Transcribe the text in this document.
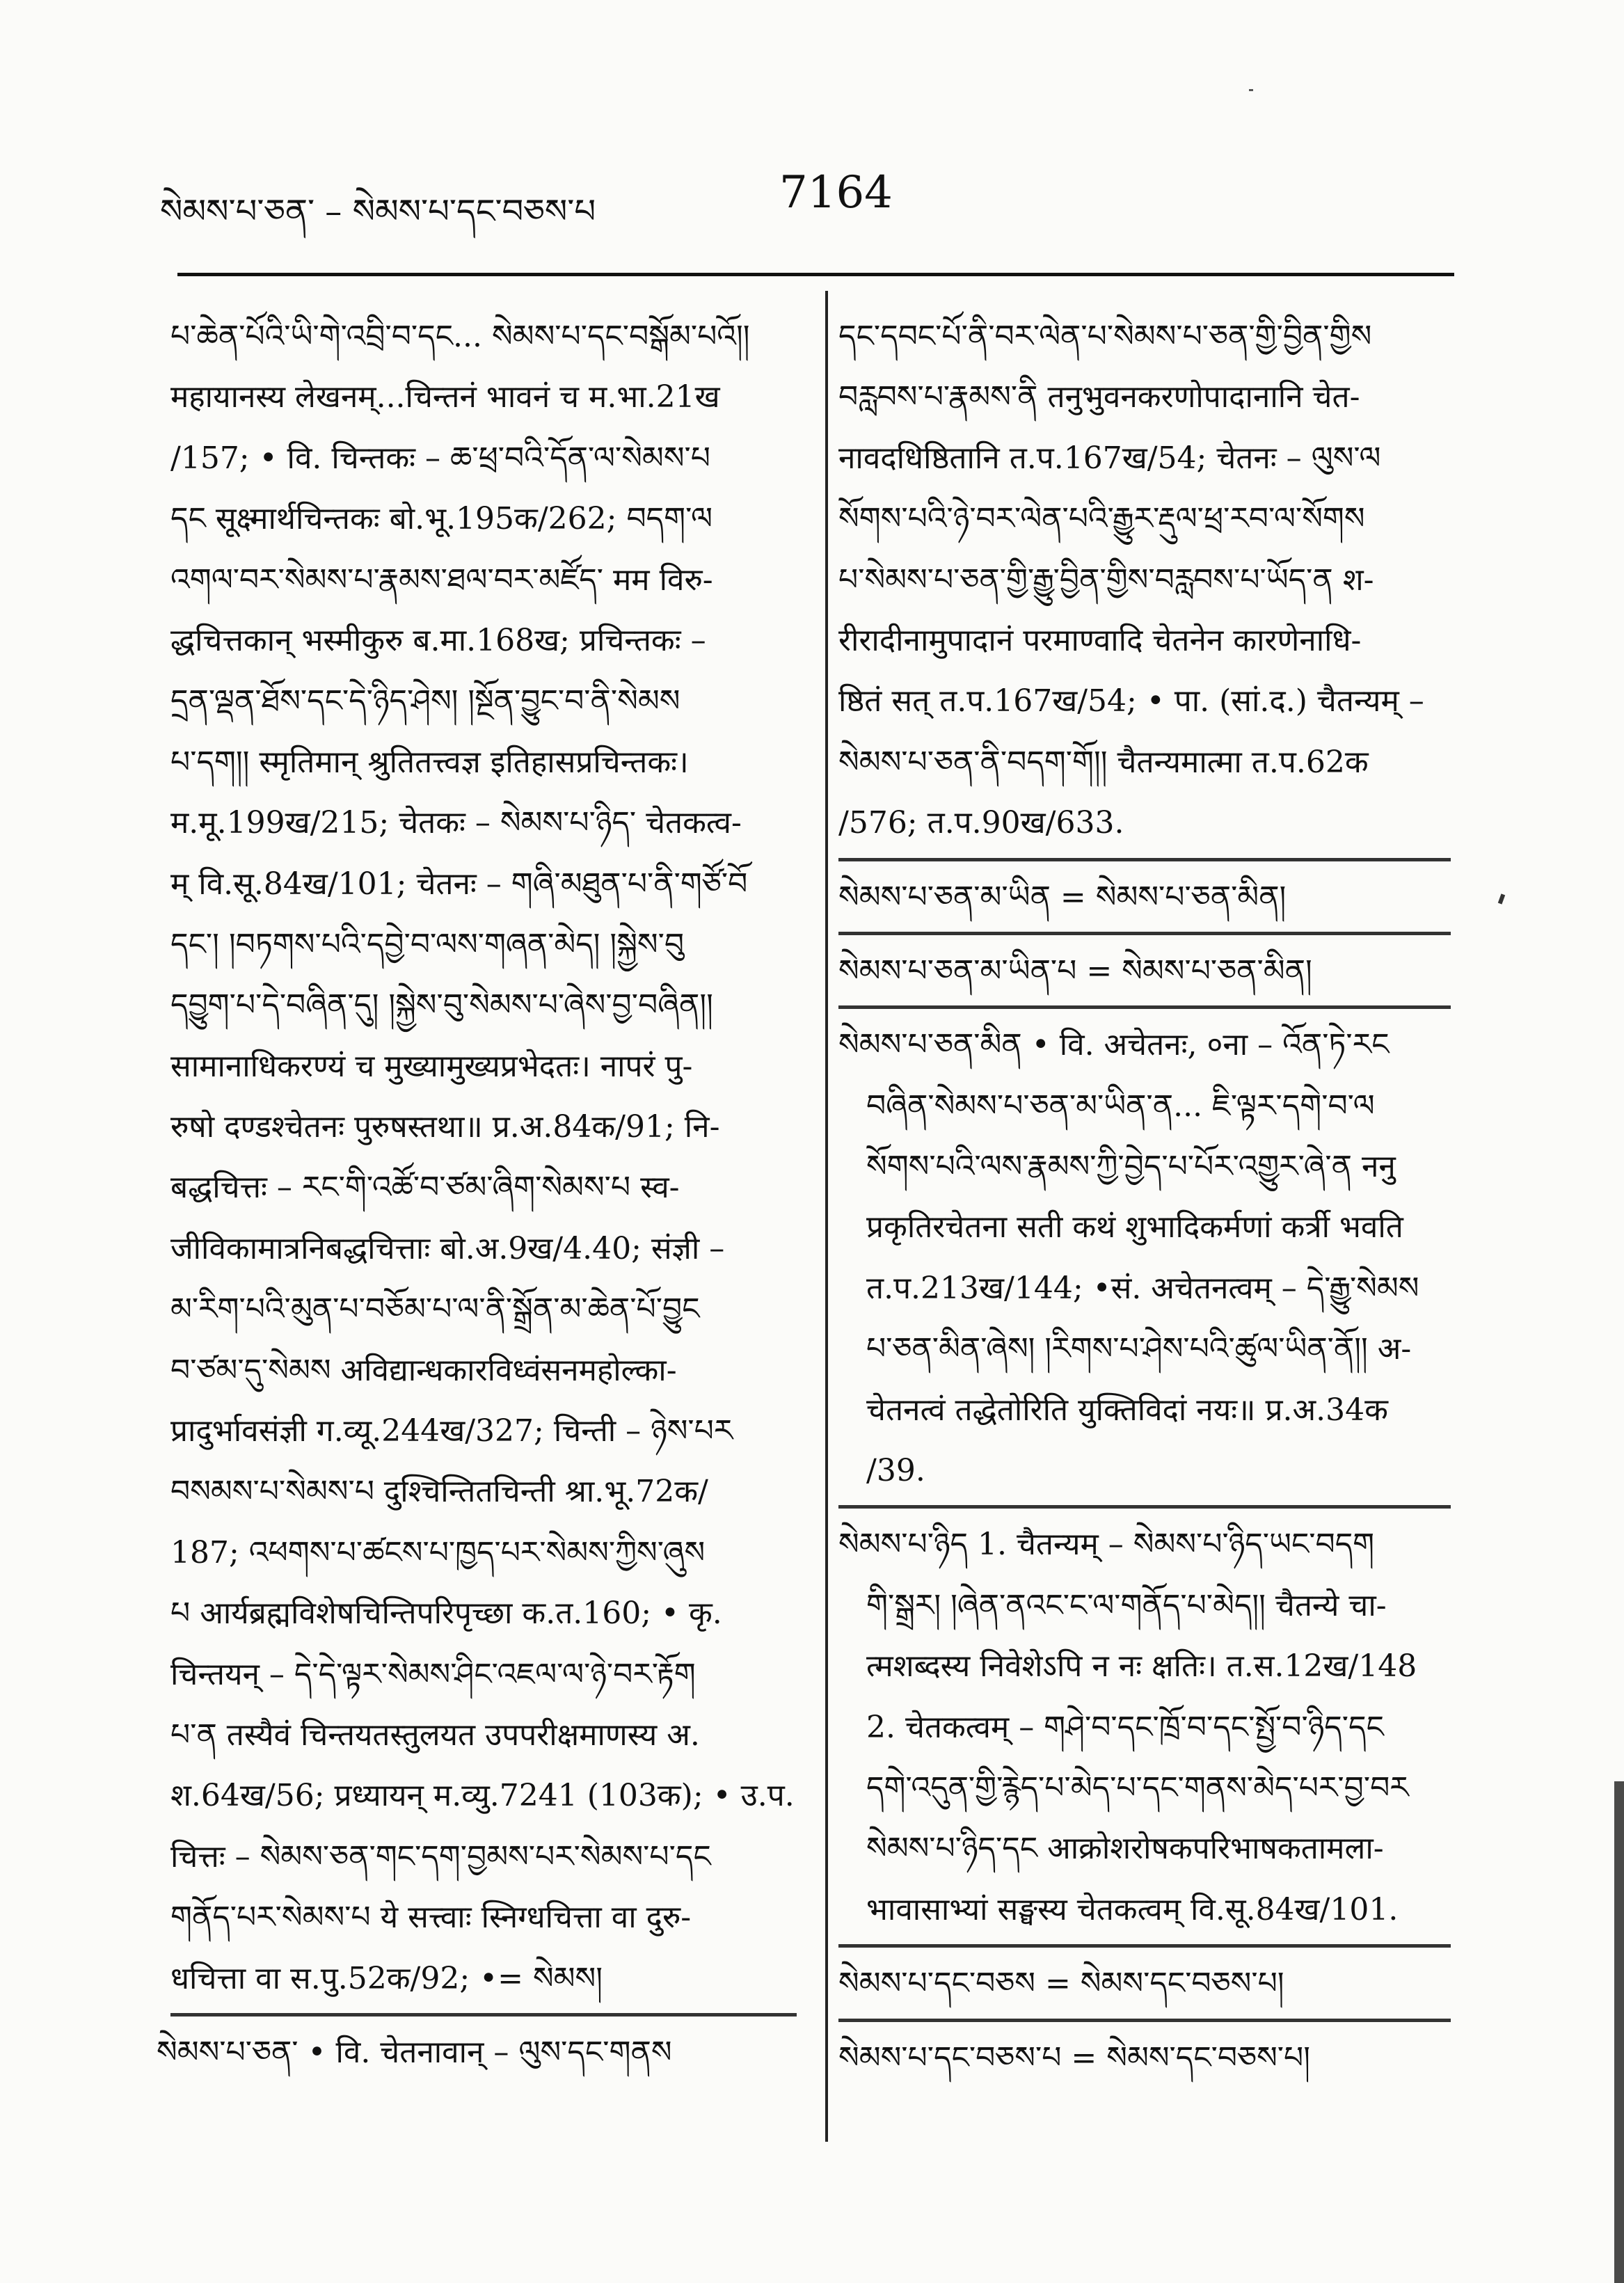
སེམས་པ་ཅན་ – སེམས་པ་དང་བཅས་པ	7164
པ་ཆེན་པོའི་ཡི་གེ་འབྲི་བ་དང... སེམས་པ་དང་བསྒོམ་པའོ།།
महायानस्य लेखनम्...चिन्तनं भावनं च म.भा.21ख
/157; • वि. चिन्तकः – ཆ་ཕྲ་བའི་དོན་ལ་སེམས་པ
དང सूक्ष्मार्थचिन्तकः बो.भू.195क/262; བདག་ལ
འགལ་བར་སེམས་པ་རྣམས་ཐལ་བར་མཛོད་ मम विरु-
द्धचित्तकान् भस्मीकुरु ब.मा.168ख; प्रचिन्तकः –
དྲན་ལྡན་ཐོས་དང་དེ་ཉིད་ཤེས། །སྔོན་བྱུང་བ་ནི་སེམས
པ་དག།། स्मृतिमान् श्रुतितत्त्वज्ञ इतिहासप्रचिन्तकः।
म.मू.199ख/215; चेतकः – སེམས་པ་ཉིད་ चेतकत्व-
म् वि.सू.84ख/101; चेतनः – གཞི་མཐུན་པ་ནི་གཙོ་བོ
དང་། །བཏགས་པའི་དབྱེ་བ་ལས་གཞན་མེད། །སྐྱེས་བུ
དབྱུག་པ་དེ་བཞིན་དུ། །སྐྱེས་བུ་སེམས་པ་ཞེས་བྱ་བཞིན།།
सामानाधिकरण्यं च मुख्यामुख्यप्रभेदतः। नापरं पु-
रुषो दण्डश्चेतनः पुरुषस्तथा॥ प्र.अ.84क/91; नि-
बद्धचित्तः – རང་གི་འཚོ་བ་ཙམ་ཞིག་སེམས་པ स्व-
जीविकामात्रनिबद्धचित्ताः बो.अ.9ख/4.40; संज्ञी –
མ་རིག་པའི་མུན་པ་བཅོམ་པ་ལ་ནི་སྒྲོན་མ་ཆེན་པོ་བྱུང
བ་ཙམ་དུ་སེམས अविद्यान्धकारविध्वंसनमहोल्का-
प्रादुर्भावसंज्ञी ग.व्यू.244ख/327; चिन्ती – ཉེས་པར
བསམས་པ་སེམས་པ दुश्चिन्तितचिन्ती श्रा.भू.72क/
187; འཕགས་པ་ཚངས་པ་ཁྱད་པར་སེམས་ཀྱིས་ཞུས
པ आर्यब्रह्मविशेषचिन्तिपरिपृच्छा क.त.160; • कृ.
चिन्तयन् – དེ་དེ་ལྟར་སེམས་ཤིང་འཇལ་ལ་ཉེ་བར་རྟོག
པ་ན तस्यैवं चिन्तयतस्तुलयत उपपरीक्षमाणस्य अ.
श.64ख/56; प्रध्यायन् म.व्यु.7241 (103क); • उ.प.
चित्तः – སེམས་ཅན་གང་དག་བྱམས་པར་སེམས་པ་དང
གནོད་པར་སེམས་པ ये सत्त्वाः स्निग्धचित्ता वा दुरु-
धचित्ता वा स.पु.52क/92; •= སེམས།
སེམས་པ་ཅན་ • वि. चेतनावान् – ལུས་དང་གནས
དང་དབང་པོ་ནི་བར་ལེན་པ་སེམས་པ་ཅན་གྱི་བྱིན་གྱིས
བརླབས་པ་རྣམས་ནི तनुभुवनकरणोपादानानि चेत-
नावदधिष्ठितानि त.प.167ख/54; चेतनः – ལུས་ལ
སོགས་པའི་ཉེ་བར་ལེན་པའི་རྒྱུར་རྡུལ་ཕྲ་རབ་ལ་སོགས
པ་སེམས་པ་ཅན་གྱི་རྒྱུ་བྱིན་གྱིས་བརླབས་པ་ཡོད་ན श-
रीरादीनामुपादानं परमाण्वादि चेतनेन कारणेनाधि-
ष्ठितं सत् त.प.167ख/54; • पा. (सां.द.) चैतन्यम् –
སེམས་པ་ཅན་ནི་བདག་གོ།། चैतन्यमात्मा त.प.62क
/576; त.प.90ख/633.
སེམས་པ་ཅན་མ་ཡིན = སེམས་པ་ཅན་མིན།
སེམས་པ་ཅན་མ་ཡིན་པ = སེམས་པ་ཅན་མིན།
སེམས་པ་ཅན་མིན • वि. अचेतनः, ०ना – འོན་ཏེ་རང
བཞིན་སེམས་པ་ཅན་མ་ཡིན་ན... ཇི་ལྟར་དགེ་བ་ལ
སོགས་པའི་ལས་རྣམས་ཀྱི་བྱེད་པ་པོར་འགྱུར་ཞེ་ན ननु
प्रकृतिरचेतना सती कथं शुभादिकर्मणां कर्त्री भवति
त.प.213ख/144; •सं. अचेतनत्वम् – དེ་རྒྱུ་སེམས
པ་ཅན་མིན་ཞེས། །རིགས་པ་ཤེས་པའི་ཚུལ་ཡིན་ནོ།། अ-
चेतनत्वं तद्धेतोरिति युक्तिविदां नयः॥ प्र.अ.34क
/39.
སེམས་པ་ཉིད 1. चैतन्यम् – སེམས་པ་ཉིད་ཡང་བདག
གི་སྒྲར། །ཞེན་ནའང་ང་ལ་གནོད་པ་མེད།། चैतन्ये चा-
त्मशब्दस्य निवेशेऽपि न नः क्षतिः। त.स.12ख/148
2. चेतकत्वम् – གཤེ་བ་དང་ཁྲོ་བ་དང་སྤྱོ་བ་ཉིད་དང
དགེ་འདུན་གྱི་རྙེད་པ་མེད་པ་དང་གནས་མེད་པར་བྱ་བར
སེམས་པ་ཉིད་དང आक्रोशरोषकपरिभाषकतामला-
भावासाभ्यां सङ्घस्य चेतकत्वम् वि.सू.84ख/101.
སེམས་པ་དང་བཅས = སེམས་དང་བཅས་པ།
སེམས་པ་དང་བཅས་པ = སེམས་དང་བཅས་པ།
